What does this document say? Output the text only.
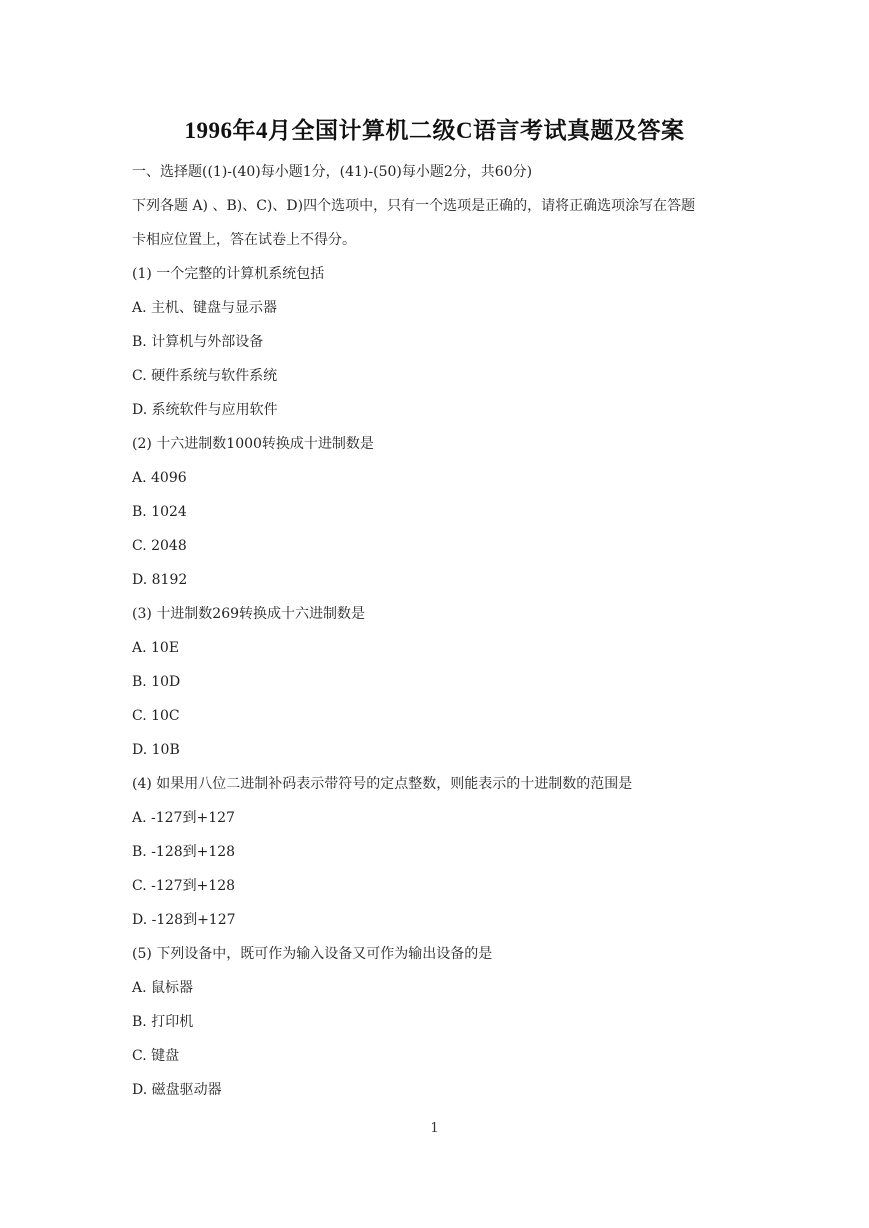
1996年4月全国计算机二级C语言考试真题及答案
一、选择题((1)-(40)每小题1分，(41)-(50)每小题2分，共60分)
下列各题 A) 、B)、C)、D)四个选项中，只有一个选项是正确的，请将正确选项涂写在答题
卡相应位置上，答在试卷上不得分。
(1) 一个完整的计算机系统包括
A. 主机、键盘与显示器
B. 计算机与外部设备
C. 硬件系统与软件系统
D. 系统软件与应用软件
(2) 十六进制数1000转换成十进制数是
A. 4096
B. 1024
C. 2048
D. 8192
(3) 十进制数269转换成十六进制数是
A. 10E
B. 10D
C. 10C
D. 10B
(4) 如果用八位二进制补码表示带符号的定点整数，则能表示的十进制数的范围是
A. -127到+127
B. -128到+128
C. -127到+128
D. -128到+127
(5) 下列设备中，既可作为输入设备又可作为输出设备的是
A. 鼠标器
B. 打印机
C. 键盘
D. 磁盘驱动器
1
